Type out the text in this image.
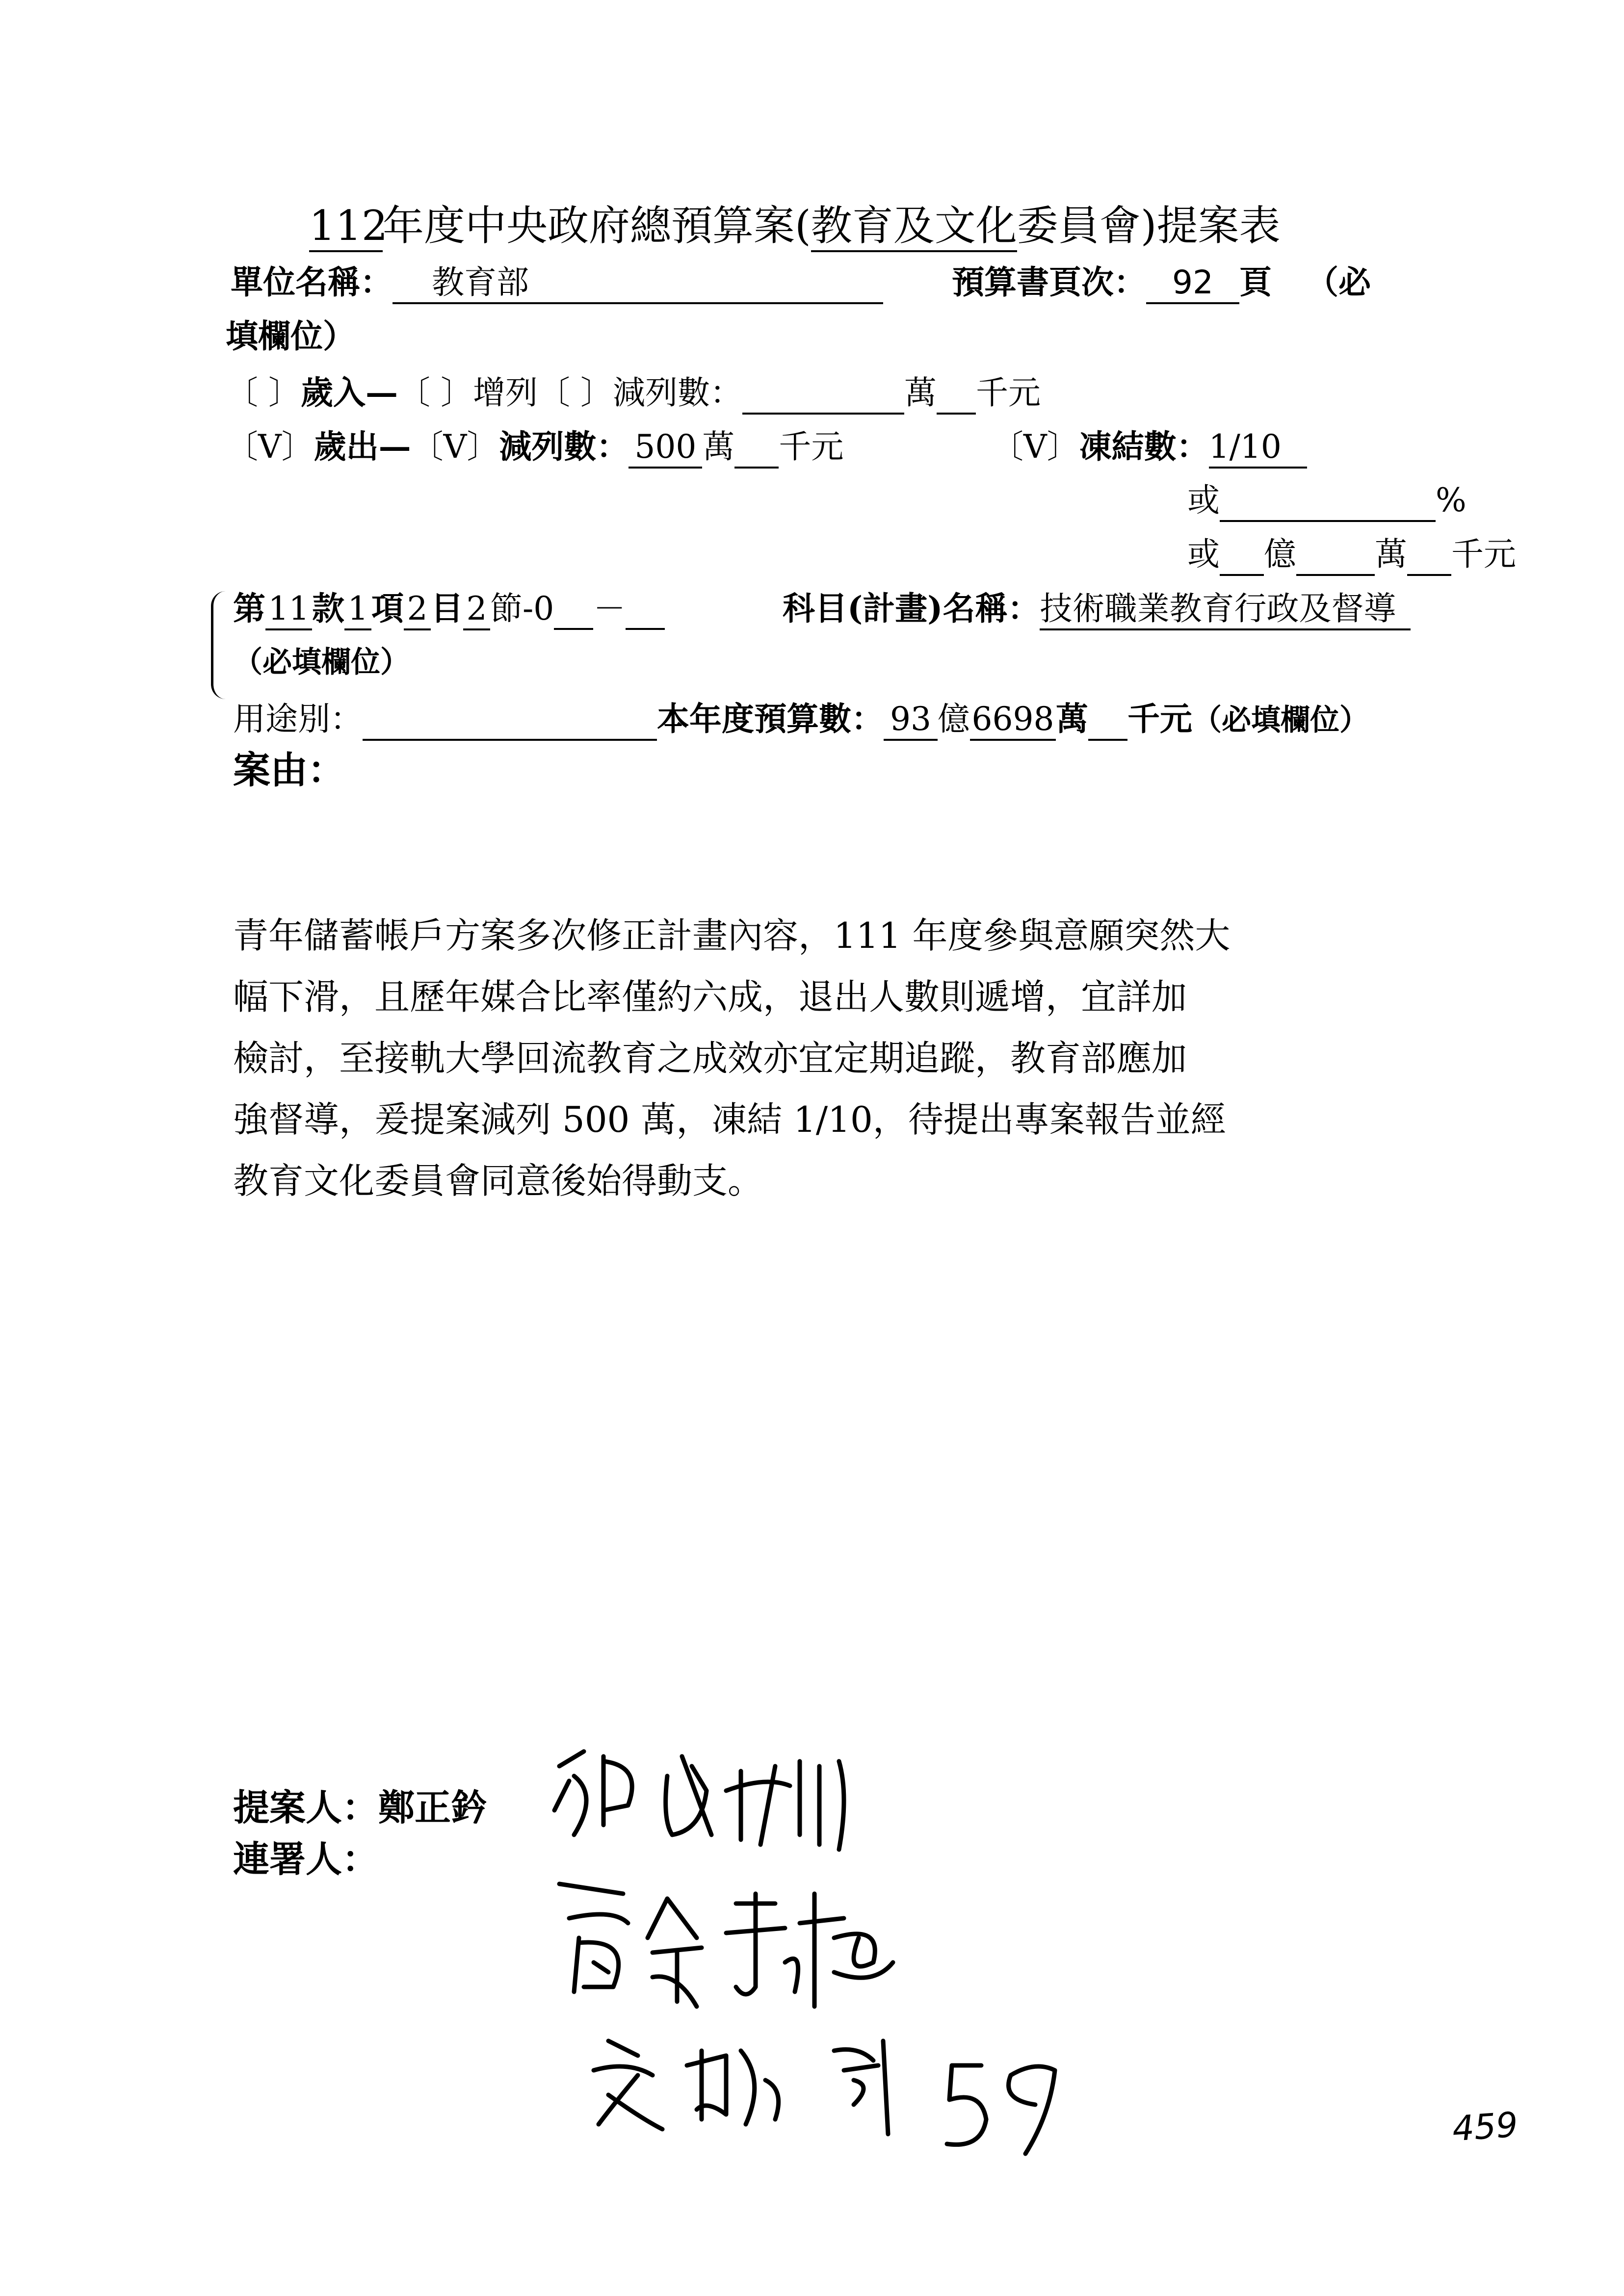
112年度中央政府總預算案(教育及文化委員會)提案表
單位名稱： 教育部	預算書頁次： 92 頁 （必
填欄位）
〔 〕歲入—〔 〕增列〔 〕減列數：	萬 千元
〔V〕歲出—〔V〕減列數： 500 萬 千元	〔V〕凍結數：1/10
或	%
或 億 萬 千元
第11款1項2目2節-0 －	科目(計畫)名稱：技術職業教育行政及督導
（必填欄位）
用途別：	本年度預算數： 93 億6698萬 千元（必填欄位）
案由：
青年儲蓄帳戶方案多次修正計畫內容，111 年度參與意願突然大
幅下滑，且歷年媒合比率僅約六成，退出人數則遞增，宜詳加
檢討，至接軌大學回流教育之成效亦宜定期追蹤，教育部應加
強督導，爰提案減列 500 萬，凍結 1/10，待提出專案報告並經
教育文化委員會同意後始得動支。
提案人：鄭正鈐
連署人：
459
